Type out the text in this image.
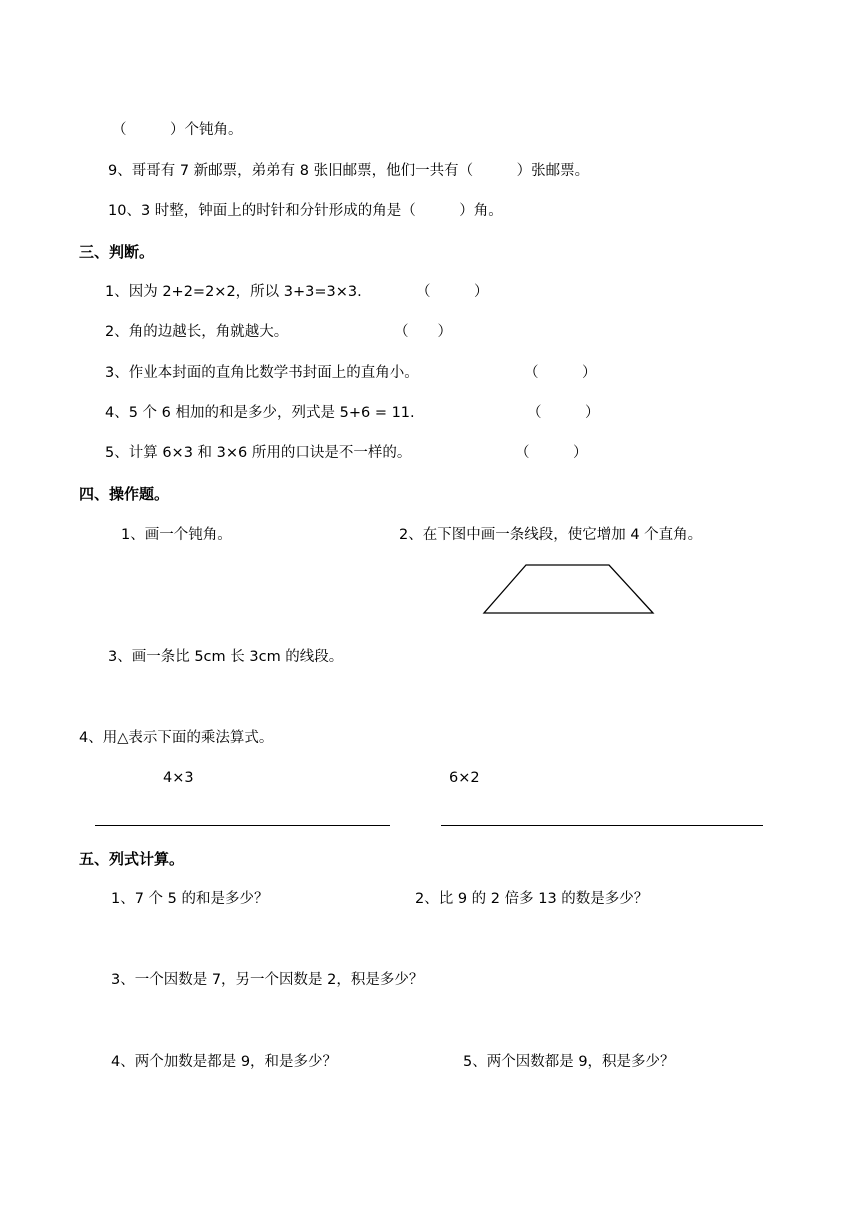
（　　　）个钝角。
9、哥哥有 7 新邮票，弟弟有 8 张旧邮票，他们一共有（　　　）张邮票。
10、3 时整，钟面上的时针和分针形成的角是（　　　）角。
三、判断。
1、因为 2+2=2×2，所以 3+3=3×3.	（　　　）
2、角的边越长，角就越大。	（　　）
3、作业本封面的直角比数学书封面上的直角小。	（　　　）
4、5 个 6 相加的和是多少，列式是 5+6 = 11.	（　　　）
5、计算 6×3 和 3×6 所用的口诀是不一样的。	（　　　）
四、操作题。
1、画一个钝角。	2、在下图中画一条线段，使它增加 4 个直角。
3、画一条比 5cm 长 3cm 的线段。
4、用△表示下面的乘法算式。
4×3	6×2
五、列式计算。
1、7 个 5 的和是多少？	2、比 9 的 2 倍多 13 的数是多少？
3、一个因数是 7，另一个因数是 2，积是多少？
4、两个加数是都是 9，和是多少？	5、两个因数都是 9，积是多少？
